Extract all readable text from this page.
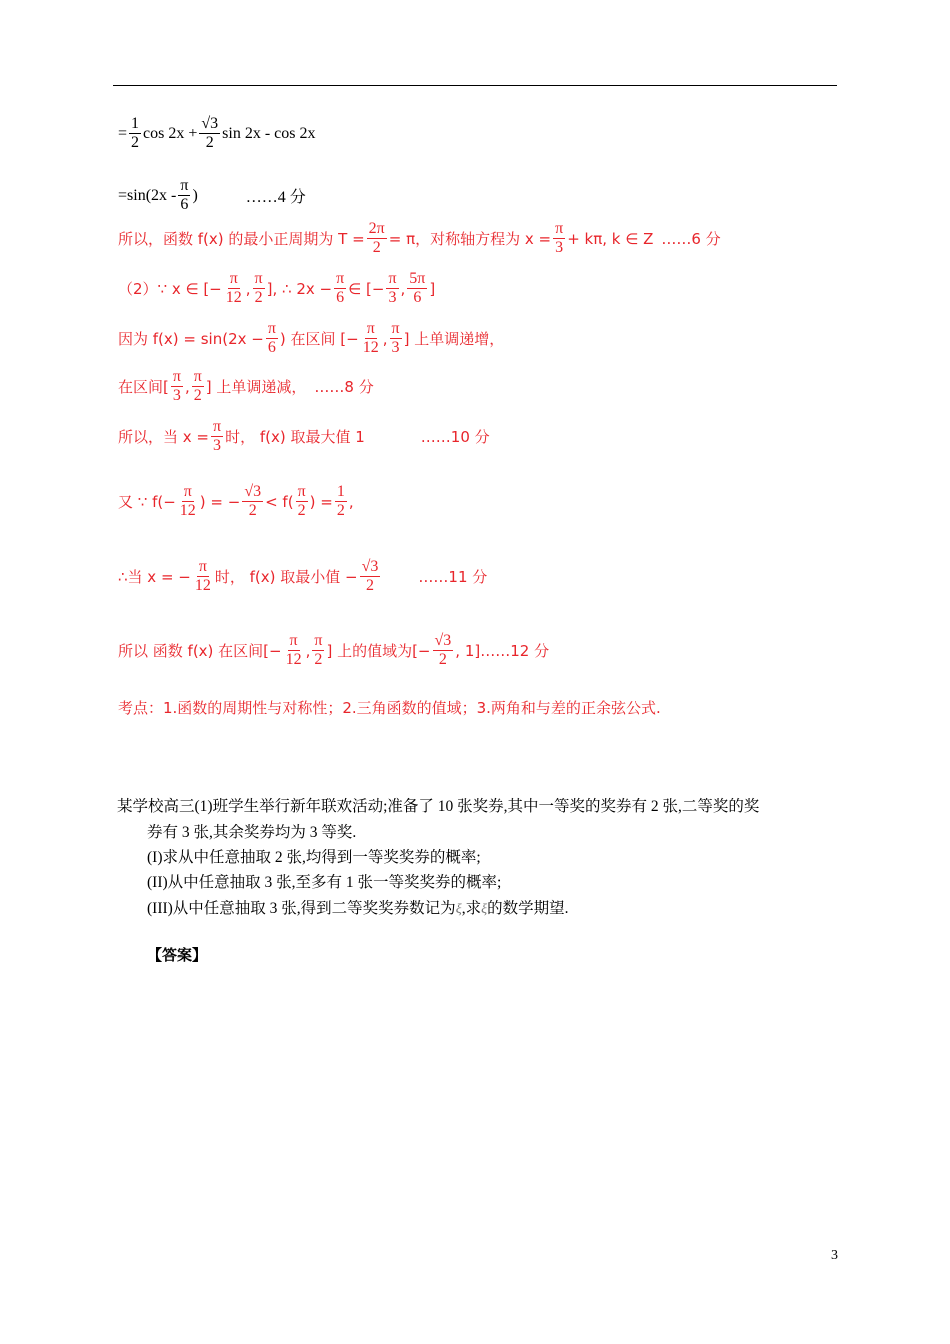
= $\frac{1}{2}$ $\cos 2x + \frac{√3}{2}$ sin 2x - cos 2x
$=\sin(2x - \frac{\pi}{6}$ )	……4 分
所以，函数 f(x) 的最小正周期为 $T = \frac{2\pi}{2} = \pi$，对称轴方程为 $x = \frac{\pi}{3} + k\pi$, k ∈ Z ……6 分
（2）∵ x ∈ [− $\frac{\pi}{12}$ , $\frac{\pi}{2}$ ], ∴ $2x - \frac{\pi}{6}$ ∈ [− $\frac{\pi}{3}$ , $\frac{5\pi}{6}$ ]
因为 $f(x) = \sin(2x - \frac{\pi}{6}$ ) 在区间 [− $\frac{\pi}{12}$ , $\frac{\pi}{3}$ ] 上单调递增，
在区间[ $\frac{\pi}{3}$ , $\frac{\pi}{2}$ ] 上单调递减， ……8 分
所以，当 $x = \frac{\pi}{3}$ 时， f(x) 取最大值 1	……10 分
又 ∵ $f(- \frac{\pi}{12}$ ) = − $\frac{√3}{2} < f( \frac{\pi}{2}$ ) = $\frac{1}{2}$ ,
∴当 x = − $\frac{\pi}{12}$ 时， f(x) 取最小值 − $\frac{√3}{2}$	……11 分
所以 函数 f(x) 在区间[− $\frac{\pi}{12}$ , $\frac{\pi}{2}$ ] 上的值域为[− $\frac{√3}{2}$ , 1] ……12 分
考点：1.函数的周期性与对称性；2.三角函数的值域；3.两角和与差的正余弦公式.
某学校高三(1)班学生举行新年联欢活动;准备了 10 张奖券,其中一等奖的奖券有 2 张,二等奖的奖
券有 3 张,其余奖券均为 3 等奖.
(I)求从中任意抽取 2 张,均得到一等奖奖券的概率;
(II)从中任意抽取 3 张,至多有 1 张一等奖奖券的概率;
(III)从中任意抽取 3 张,得到二等奖奖券数记为ξ,求ξ的数学期望.
【答案】
3
